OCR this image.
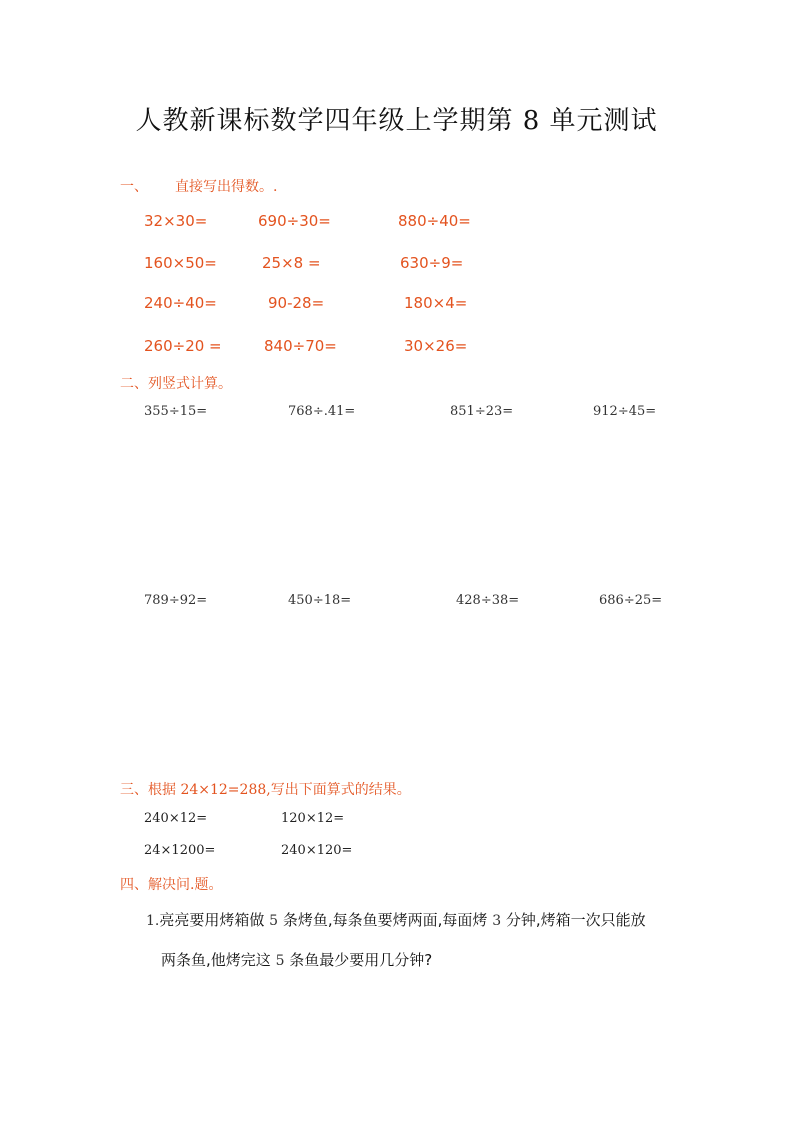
人教新课标数学四年级上学期第 8 单元测试
一、 直接写出得数。.
32×30=	690÷30=	880÷40=
160×50=	25×8 =	630÷9=
240÷40=	90-28=	180×4=
260÷20 =	840÷70=	30×26=
二、列竖式计算。
355÷15=	768÷.41=	851÷23=	912÷45=
789÷92=	450÷18=	428÷38=	686÷25=
三、根据 24×12=288,写出下面算式的结果。
240×12=	120×12=
24×1200=	240×120=
四、解决问.题。
1.亮亮要用烤箱做 5 条烤鱼,每条鱼要烤两面,每面烤 3 分钟,烤箱一次只能放
两条鱼,他烤完这 5 条鱼最少要用几分钟?
